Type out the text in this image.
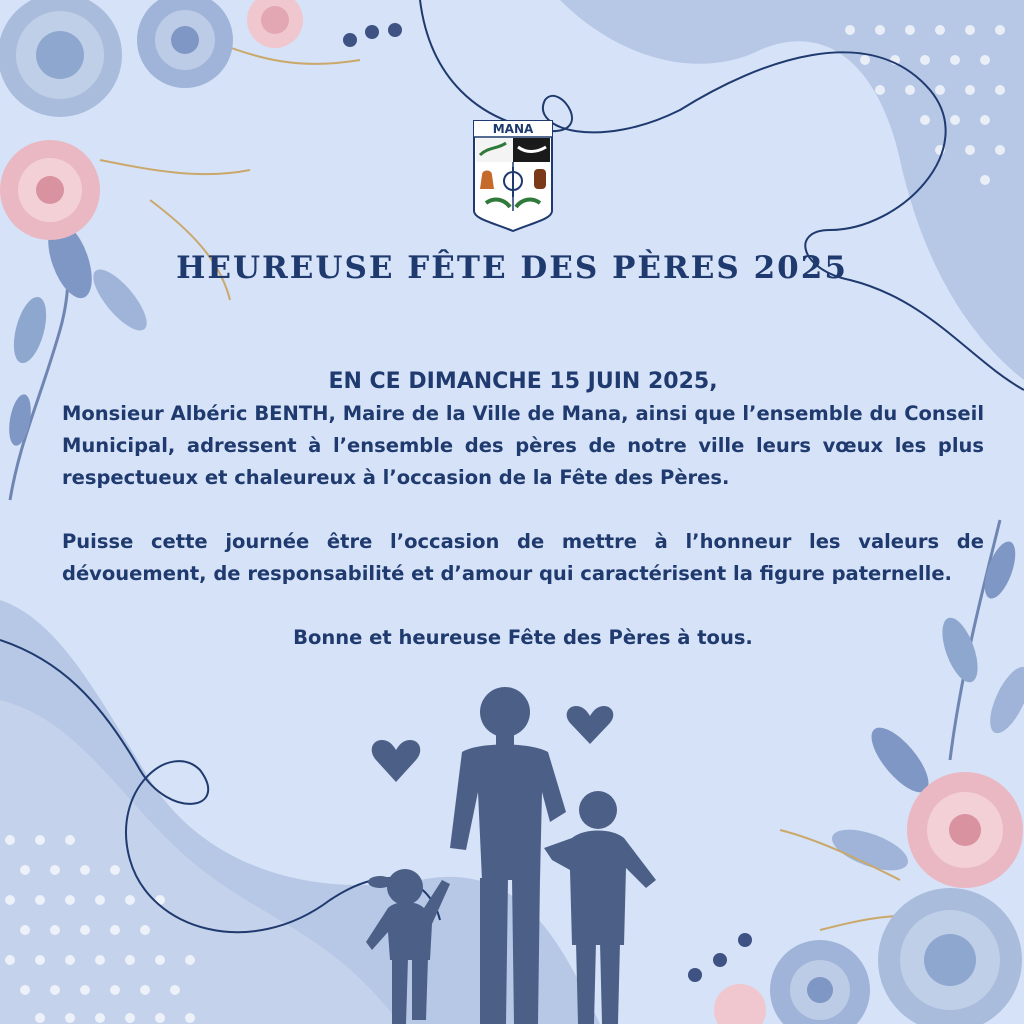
MANA
HEUREUSE FÊTE DES PÈRES 2025

EN CE DIMANCHE 15 JUIN 2025,

Monsieur Albéric BENTH, Maire de la Ville de Mana, ainsi que l’ensemble du Conseil Municipal, adressent à l’ensemble des pères de notre ville leurs vœux les plus respectueux et chaleureux à l’occasion de la Fête des Pères.

Puisse cette journée être l’occasion de mettre à l’honneur les valeurs de dévouement, de responsabilité et d’amour qui caractérisent la figure paternelle.

Bonne et heureuse Fête des Pères à tous.
